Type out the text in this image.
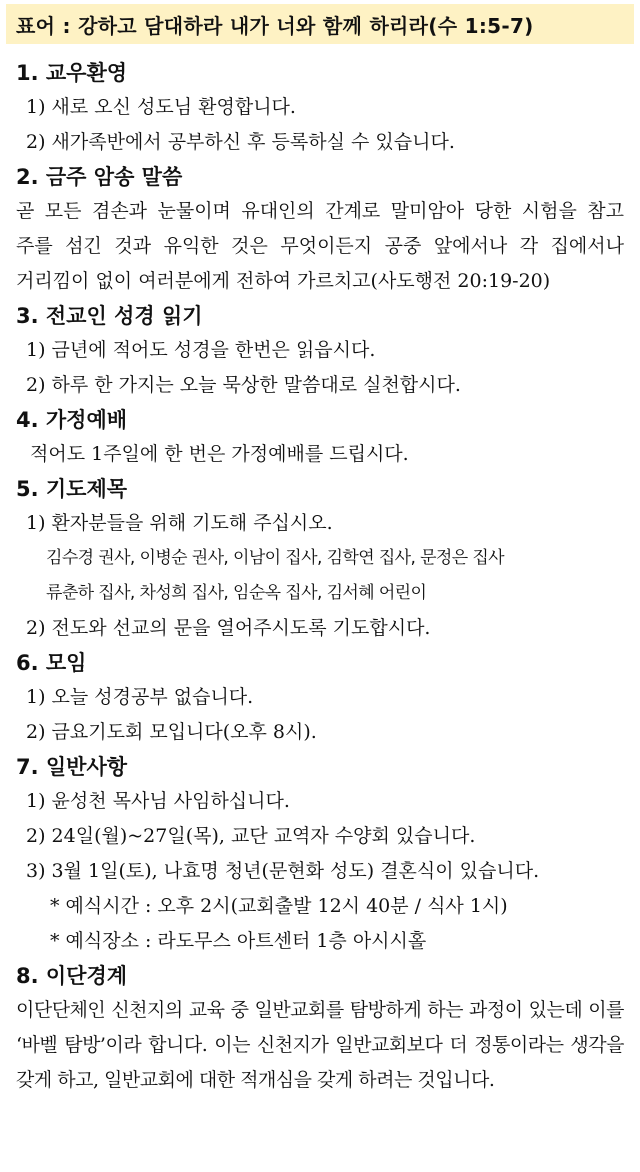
표어 : 강하고 담대하라 내가 너와 함께 하리라(수 1:5-7)
1. 교우환영
1) 새로 오신 성도님 환영합니다.
2) 새가족반에서 공부하신 후 등록하실 수 있습니다.
2. 금주 암송 말씀
곧 모든 겸손과 눈물이며 유대인의 간계로 말미암아 당한 시험을 참고 주를 섬긴 것과 유익한 것은 무엇이든지 공중 앞에서나 각 집에서나 거리낌이 없이 여러분에게 전하여 가르치고(사도행전 20:19-20)
3. 전교인 성경 읽기
1) 금년에 적어도 성경을 한번은 읽읍시다.
2) 하루 한 가지는 오늘 묵상한 말씀대로 실천합시다.
4. 가정예배
적어도 1주일에 한 번은 가정예배를 드립시다.
5. 기도제목
1) 환자분들을 위해 기도해 주십시오.
김수경 권사, 이병순 권사, 이남이 집사, 김학연 집사, 문정은 집사
류춘하 집사, 차성희 집사, 임순옥 집사, 김서혜 어린이
2) 전도와 선교의 문을 열어주시도록 기도합시다.
6. 모임
1) 오늘 성경공부 없습니다.
2) 금요기도회 모입니다(오후 8시).
7. 일반사항
1) 윤성천 목사님 사임하십니다.
2) 24일(월)~27일(목), 교단 교역자 수양회 있습니다.
3) 3월 1일(토), 나효명 청년(문현화 성도) 결혼식이 있습니다.
* 예식시간 : 오후 2시(교회출발 12시 40분 / 식사 1시)
* 예식장소 : 라도무스 아트센터 1층 아시시홀
8. 이단경계
이단단체인 신천지의 교육 중 일반교회를 탐방하게 하는 과정이 있는데 이를 ‘바벨 탐방’이라 합니다. 이는 신천지가 일반교회보다 더 정통이라는 생각을 갖게 하고, 일반교회에 대한 적개심을 갖게 하려는 것입니다.
